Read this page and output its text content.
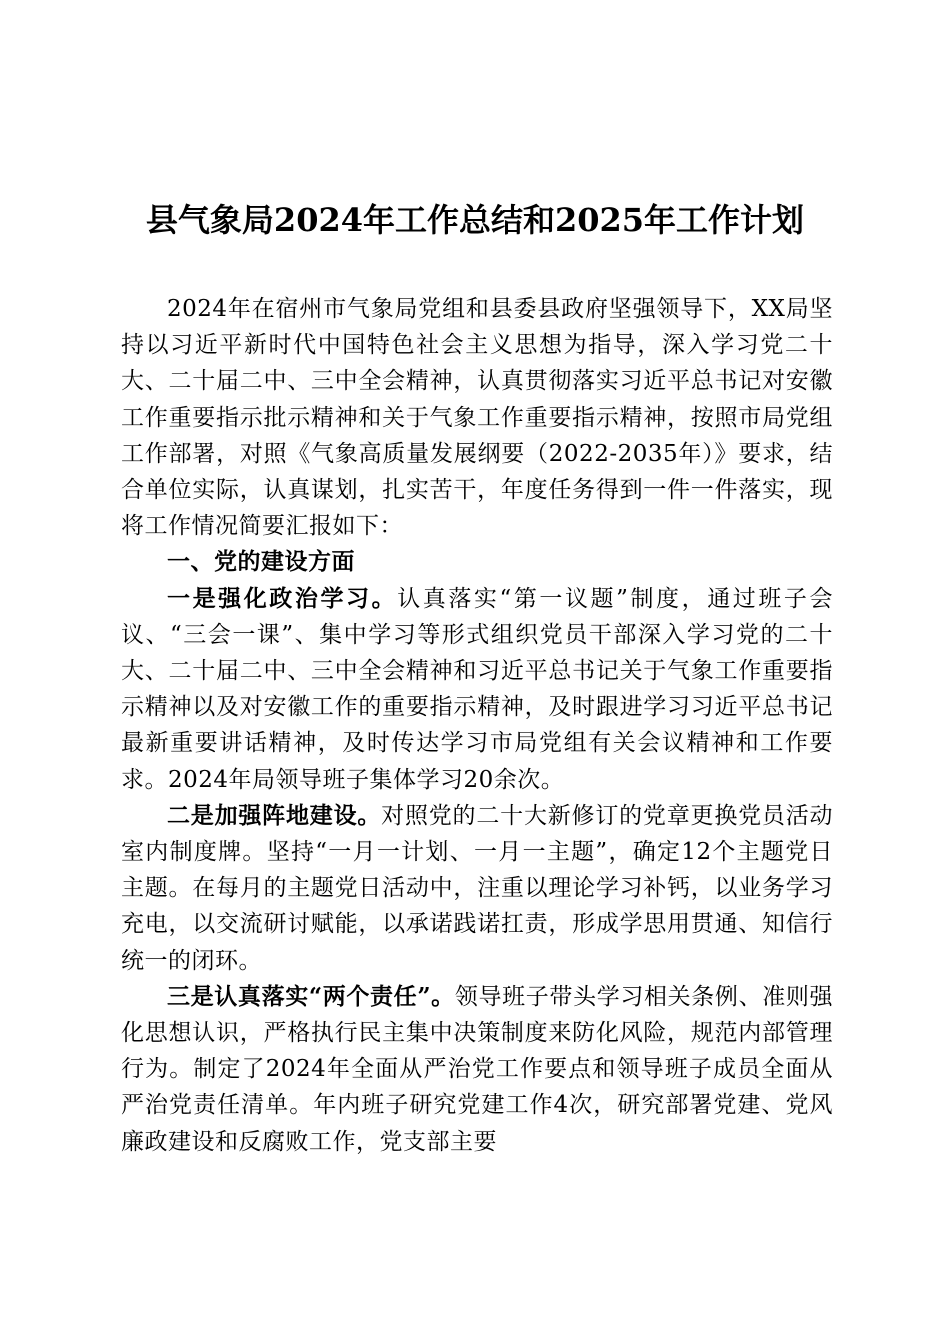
县气象局2024年工作总结和2025年工作计划

2024年在宿州市气象局党组和县委县政府坚强领导下，XX局坚持以习近平新时代中国特色社会主义思想为指导，深入学习党二十大、二十届二中、三中全会精神，认真贯彻落实习近平总书记对安徽工作重要指示批示精神和关于气象工作重要指示精神，按照市局党组工作部署，对照《气象高质量发展纲要（2022-2035年）》要求，结合单位实际，认真谋划，扎实苦干，年度任务得到一件一件落实，现将工作情况简要汇报如下：

一、党的建设方面

一是强化政治学习。认真落实“第一议题”制度，通过班子会议、“三会一课”、集中学习等形式组织党员干部深入学习党的二十大、二十届二中、三中全会精神和习近平总书记关于气象工作重要指示精神以及对安徽工作的重要指示精神，及时跟进学习习近平总书记最新重要讲话精神，及时传达学习市局党组有关会议精神和工作要求。2024年局领导班子集体学习20余次。

二是加强阵地建设。对照党的二十大新修订的党章更换党员活动室内制度牌。坚持“一月一计划、一月一主题”，确定12个主题党日主题。在每月的主题党日活动中，注重以理论学习补钙，以业务学习充电，以交流研讨赋能，以承诺践诺扛责，形成学思用贯通、知信行统一的闭环。

三是认真落实“两个责任”。领导班子带头学习相关条例、准则强化思想认识，严格执行民主集中决策制度来防化风险，规范内部管理行为。制定了2024年全面从严治党工作要点和领导班子成员全面从严治党责任清单。年内班子研究党建工作4次，研究部署党建、党风廉政建设和反腐败工作，党支部主要
